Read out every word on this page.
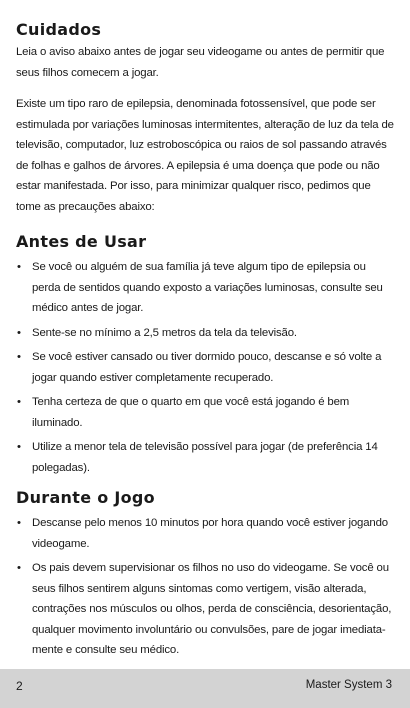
Cuidados

Leia o aviso abaixo antes de jogar seu videogame ou antes de permitir que seus filhos comecem a jogar.

Existe um tipo raro de epilepsia, denominada fotossensível, que pode ser estimulada por variações luminosas intermitentes, alteração de luz da tela de televisão, computador, luz estroboscópica ou raios de sol passando através de folhas e galhos de árvores. A epilepsia é uma doença que pode ou não estar manifestada. Por isso, para minimizar qualquer risco, pedimos que tome as precauções abaixo:

Antes de Usar
• Se você ou alguém de sua família já teve algum tipo de epilepsia ou perda de sentidos quando exposto a variações luminosas, consulte seu médico antes de jogar.
• Sente-se no mínimo a 2,5 metros da tela da televisão.
• Se você estiver cansado ou tiver dormido pouco, descanse e só volte a jogar quando estiver completamente recuperado.
• Tenha certeza de que o quarto em que você está jogando é bem iluminado.
• Utilize a menor tela de televisão possível para jogar (de preferência 14 polegadas).
Durante o Jogo
• Descanse pelo menos 10 minutos por hora quando você estiver jogando videogame.
• Os pais devem supervisionar os filhos no uso do videogame. Se você ou seus filhos sentirem alguns sintomas como vertigem, visão alterada, contrações nos músculos ou olhos, perda de consciência, desorientação, qualquer movimento involuntário ou convulsões, pare de jogar imediata- mente e consulte seu médico.
2	Master System 3
